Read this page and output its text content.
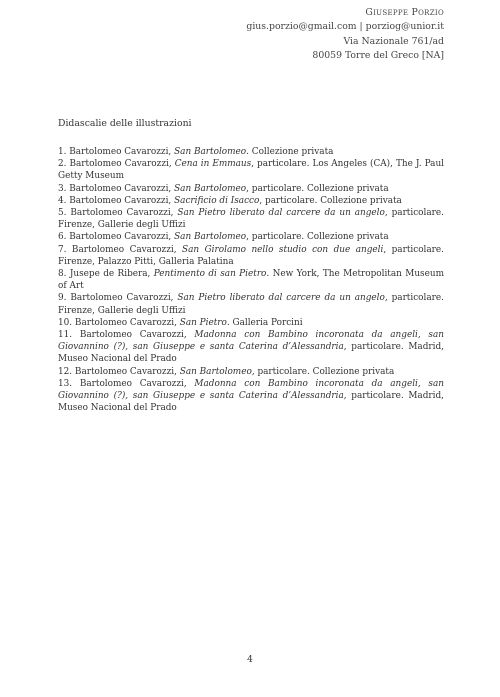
Giuseppe Porzio
gius.porzio@gmail.com | porziog@unior.it
Via Nazionale 761/ad
80059 Torre del Greco [NA]
Didascalie delle illustrazioni

1. Bartolomeo Cavarozzi, San Bartolomeo. Collezione privata

2. Bartolomeo Cavarozzi, Cena in Emmaus, particolare. Los Angeles (CA), The J. Paul Getty Museum

3. Bartolomeo Cavarozzi, San Bartolomeo, particolare. Collezione privata

4. Bartolomeo Cavarozzi, Sacrificio di Isacco, particolare. Collezione privata

5. Bartolomeo Cavarozzi, San Pietro liberato dal carcere da un angelo, particolare. Firenze, Gallerie degli Uffizi

6. Bartolomeo Cavarozzi, San Bartolomeo, particolare. Collezione privata

7. Bartolomeo Cavarozzi, San Girolamo nello studio con due angeli, particolare. Firenze, Palazzo Pitti, Galleria Palatina

8. Jusepe de Ribera, Pentimento di san Pietro. New York, The Metropolitan Museum of Art

9. Bartolomeo Cavarozzi, San Pietro liberato dal carcere da un angelo, particolare. Firenze, Gallerie degli Uffizi

10. Bartolomeo Cavarozzi, San Pietro. Galleria Porcini

11. Bartolomeo Cavarozzi, Madonna con Bambino incoronata da angeli, san Giovannino (?), san Giuseppe e santa Caterina d’Alessandria, particolare. Madrid, Museo Nacional del Prado

12. Bartolomeo Cavarozzi, San Bartolomeo, particolare. Collezione privata

13. Bartolomeo Cavarozzi, Madonna con Bambino incoronata da angeli, san Giovannino (?), san Giuseppe e santa Caterina d’Alessandria, particolare. Madrid, Museo Nacional del Prado

4
